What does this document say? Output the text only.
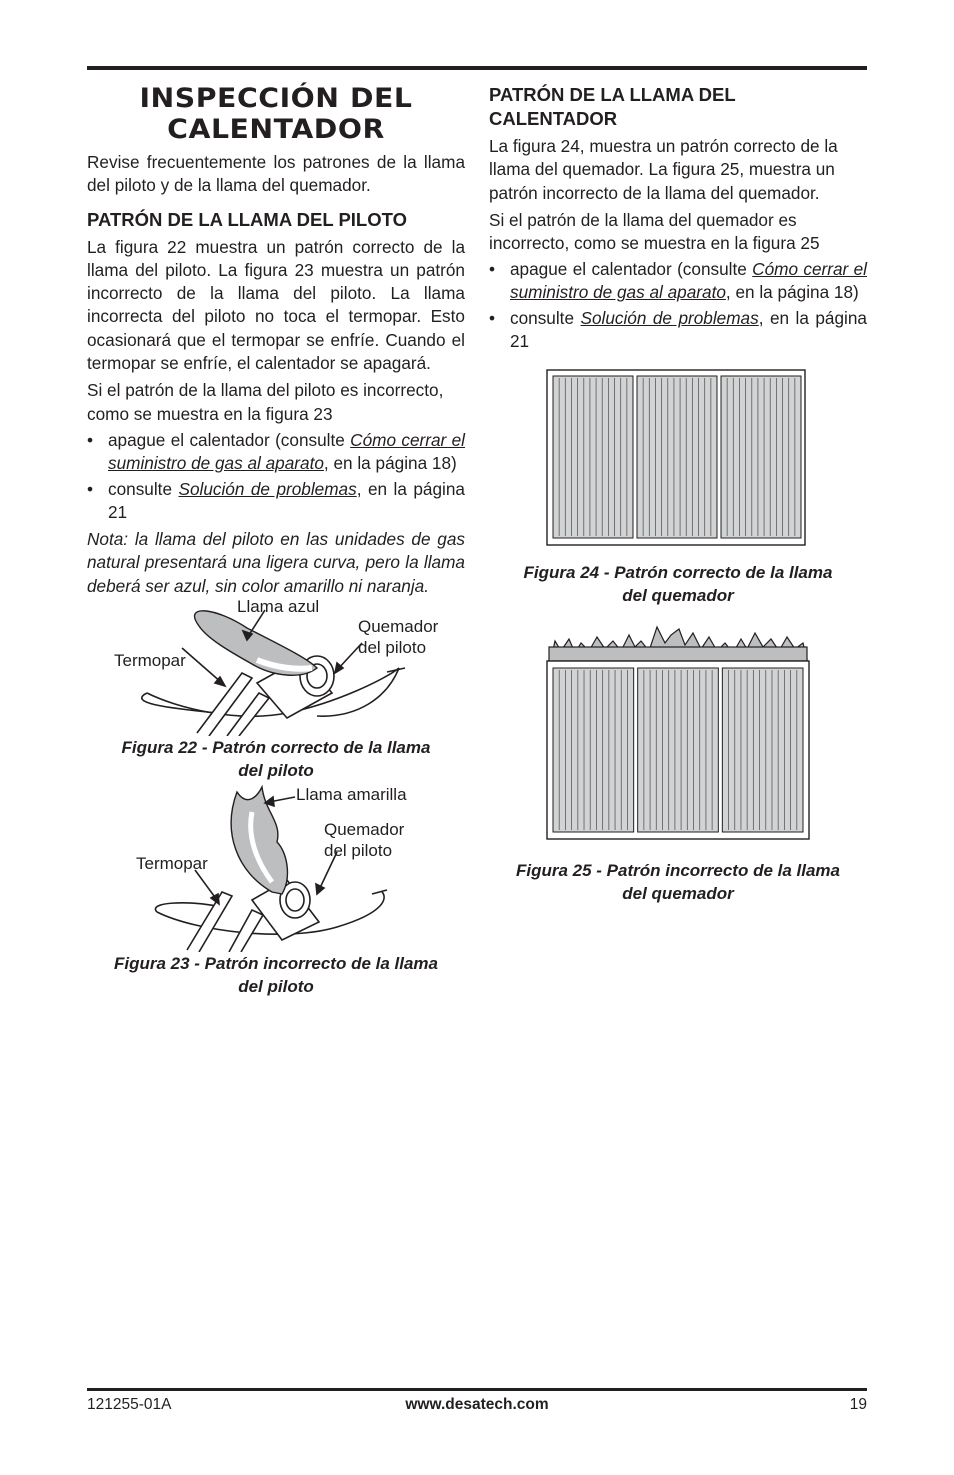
INSPECCIÓN DEL
CALENTADOR

Revise frecuentemente los patrones de la llama del piloto y de la llama del quemador.

PATRÓN DE LA LLAMA DEL PILOTO

La figura 22 muestra un patrón correcto de la llama del piloto. La figura 23 muestra un patrón incorrecto de la llama del piloto. La llama incorrecta del piloto no toca el termopar. Esto ocasionará que el termopar se enfríe. Cuando el termopar se enfríe, el calentador se apagará.

Si el patrón de la llama del piloto es incorrecto, como se muestra en la figura 23

• apague el calentador (consulte Cómo cerrar el suministro de gas al aparato, en la página 18)
• consulte Solución de problemas, en la página 21

Nota: la llama del piloto en las unidades de gas natural presentará una ligera curva, pero la llama deberá ser azul, sin color amarillo ni naranja.

Llama azul
Quemador
del piloto
Termopar
Figura 22 - Patrón correcto de la llama
del piloto
Llama amarilla
Quemador
del piloto
Termopar
Figura 23 - Patrón incorrecto de la llama
del piloto
PATRÓN DE LA LLAMA DEL
CALENTADOR

La figura 24, muestra un patrón correcto de la llama del quemador. La figura 25, muestra un patrón incorrecto de la llama del quemador.

Si el patrón de la llama del quemador es incorrecto, como se muestra en la figura 25

• apague el calentador (consulte Cómo cerrar el suministro de gas al aparato, en la página 18)
• consulte Solución de problemas, en la página 21
Figura 24 - Patrón correcto de la llama
del quemador
Figura 25 - Patrón incorrecto de la llama
del quemador
121255-01A	www.desatech.com	19
